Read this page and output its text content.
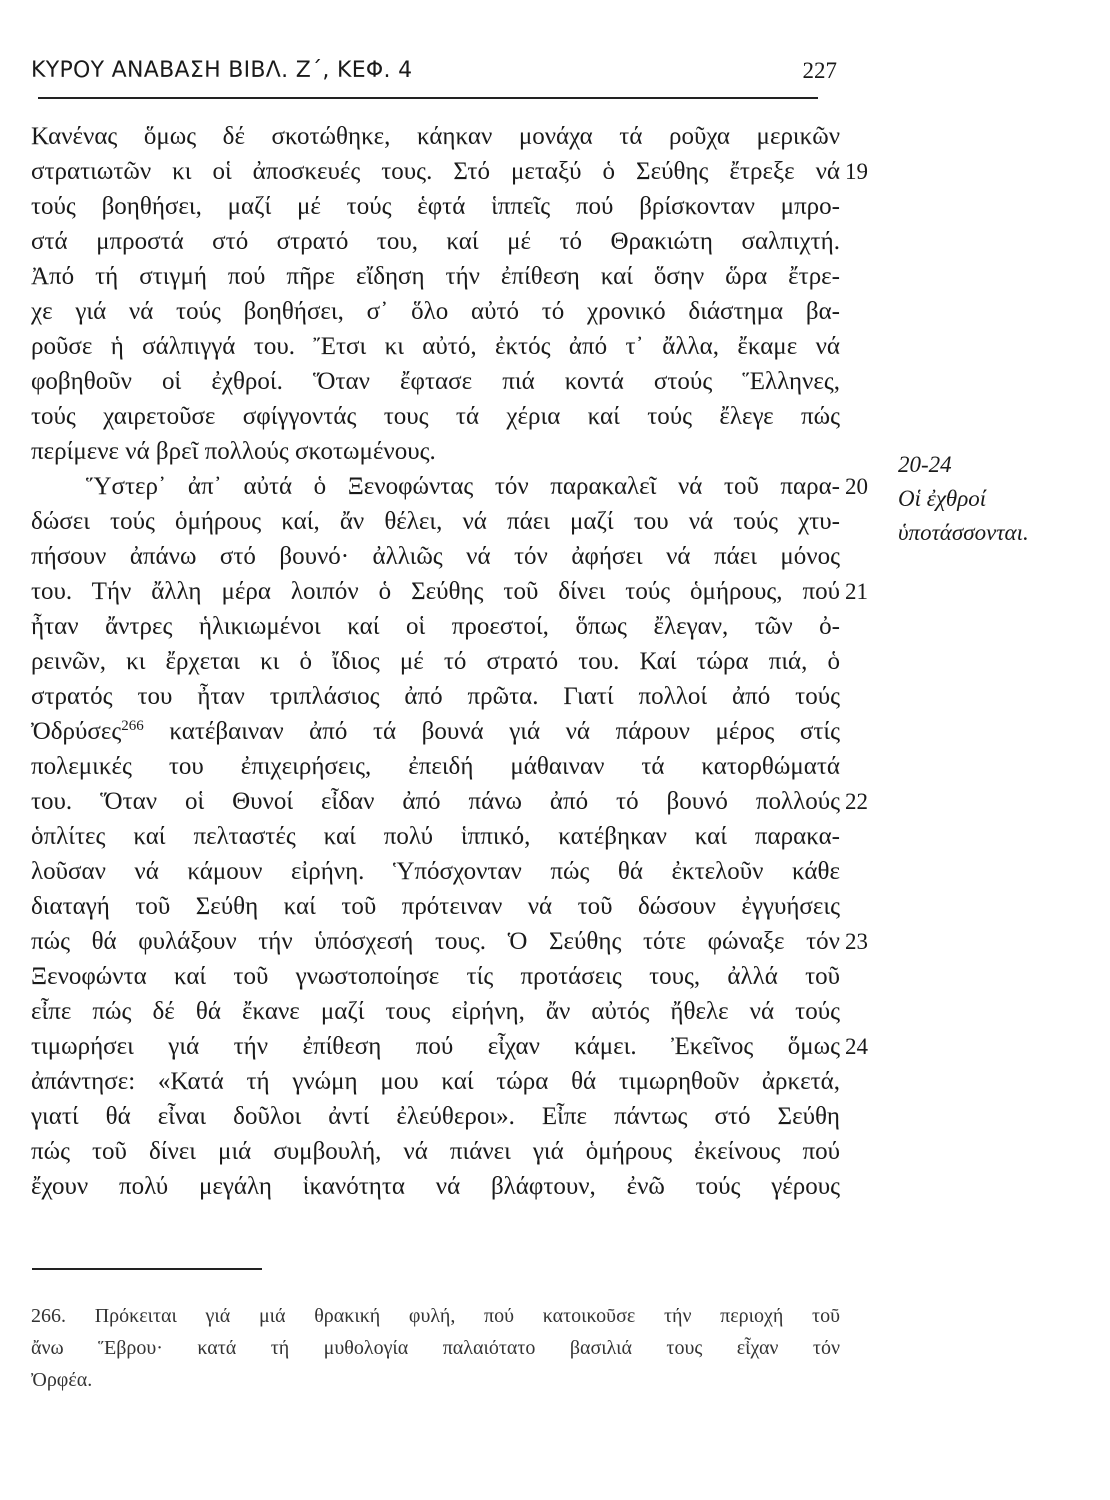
ΚΥΡΟΥ ΑΝΑΒΑΣΗ ΒΙΒΛ. Ζ΄, ΚΕΦ. 4	227
Κανένας ὅμως δέ σκοτώθηκε, κάηκαν μονάχα τά ροῦχα μερικῶν
στρατιωτῶν κι οἱ ἀποσκευές τους. Στό μεταξύ ὁ Σεύθης ἔτρεξε νά
τούς βοηθήσει, μαζί μέ τούς ἑφτά ἱππεῖς πού βρίσκονταν μπρο-
στά μπροστά στό στρατό του, καί μέ τό Θρακιώτη σαλπιχτή.
Ἀπό τή στιγμή πού πῆρε εἴδηση τήν ἐπίθεση καί ὅσην ὥρα ἔτρε-
χε γιά νά τούς βοηθήσει, σ᾿ ὅλο αὐτό τό χρονικό διάστημα βα-
ροῦσε ἡ σάλπιγγά του. Ἔτσι κι αὐτό, ἐκτός ἀπό τ᾿ ἄλλα, ἔκαμε νά
φοβηθοῦν οἱ ἐχθροί. Ὅταν ἔφτασε πιά κοντά στούς Ἕλληνες,
τούς χαιρετοῦσε σφίγγοντάς τους τά χέρια καί τούς ἔλεγε πώς
περίμενε νά βρεῖ πολλούς σκοτωμένους.
Ὕστερ᾿ ἀπ᾿ αὐτά ὁ Ξενοφώντας τόν παρακαλεῖ νά τοῦ παρα-
δώσει τούς ὁμήρους καί, ἄν θέλει, νά πάει μαζί του νά τούς χτυ-
πήσουν ἀπάνω στό βουνό· ἀλλιῶς νά τόν ἀφήσει νά πάει μόνος
του. Τήν ἄλλη μέρα λοιπόν ὁ Σεύθης τοῦ δίνει τούς ὁμήρους, πού
ἦταν ἄντρες ἡλικιωμένοι καί οἱ προεστοί, ὅπως ἔλεγαν, τῶν ὀ-
ρεινῶν, κι ἔρχεται κι ὁ ἴδιος μέ τό στρατό του. Καί τώρα πιά, ὁ
στρατός του ἦταν τριπλάσιος ἀπό πρῶτα. Γιατί πολλοί ἀπό τούς
Ὀδρύσες$^{266}$ κατέβαιναν ἀπό τά βουνά γιά νά πάρουν μέρος στίς
πολεμικές του ἐπιχειρήσεις, ἐπειδή μάθαιναν τά κατορθώματά
του. Ὅταν οἱ Θυνοί εἶδαν ἀπό πάνω ἀπό τό βουνό πολλούς
ὁπλίτες καί πελταστές καί πολύ ἱππικό, κατέβηκαν καί παρακα-
λοῦσαν νά κάμουν εἰρήνη. Ὑπόσχονταν πώς θά ἐκτελοῦν κάθε
διαταγή τοῦ Σεύθη καί τοῦ πρότειναν νά τοῦ δώσουν ἐγγυήσεις
πώς θά φυλάξουν τήν ὑπόσχεσή τους. Ὁ Σεύθης τότε φώναξε τόν
Ξενοφώντα καί τοῦ γνωστοποίησε τίς προτάσεις τους, ἀλλά τοῦ
εἶπε πώς δέ θά ἔκανε μαζί τους εἰρήνη, ἄν αὐτός ἤθελε νά τούς
τιμωρήσει γιά τήν ἐπίθεση πού εἶχαν κάμει. Ἐκεῖνος ὅμως
ἀπάντησε: «Κατά τή γνώμη μου καί τώρα θά τιμωρηθοῦν ἀρκετά,
γιατί θά εἶναι δοῦλοι ἀντί ἐλεύθεροι». Εἶπε πάντως στό Σεύθη
πώς τοῦ δίνει μιά συμβουλή, νά πιάνει γιά ὁμήρους ἐκείνους πού
ἔχουν πολύ μεγάλη ἱκανότητα νά βλάφτουν, ἐνῶ τούς γέρους
19
20
21
22
23
24
20-24
Οἱ ἐχθροί
ὑποτάσσονται.
266. Πρόκειται γιά μιά θρακική φυλή, πού κατοικοῦσε τήν περιοχή τοῦ
ἄνω Ἕβρου· κατά τή μυθολογία παλαιότατο βασιλιά τους εἶχαν τόν
Ὀρφέα.
